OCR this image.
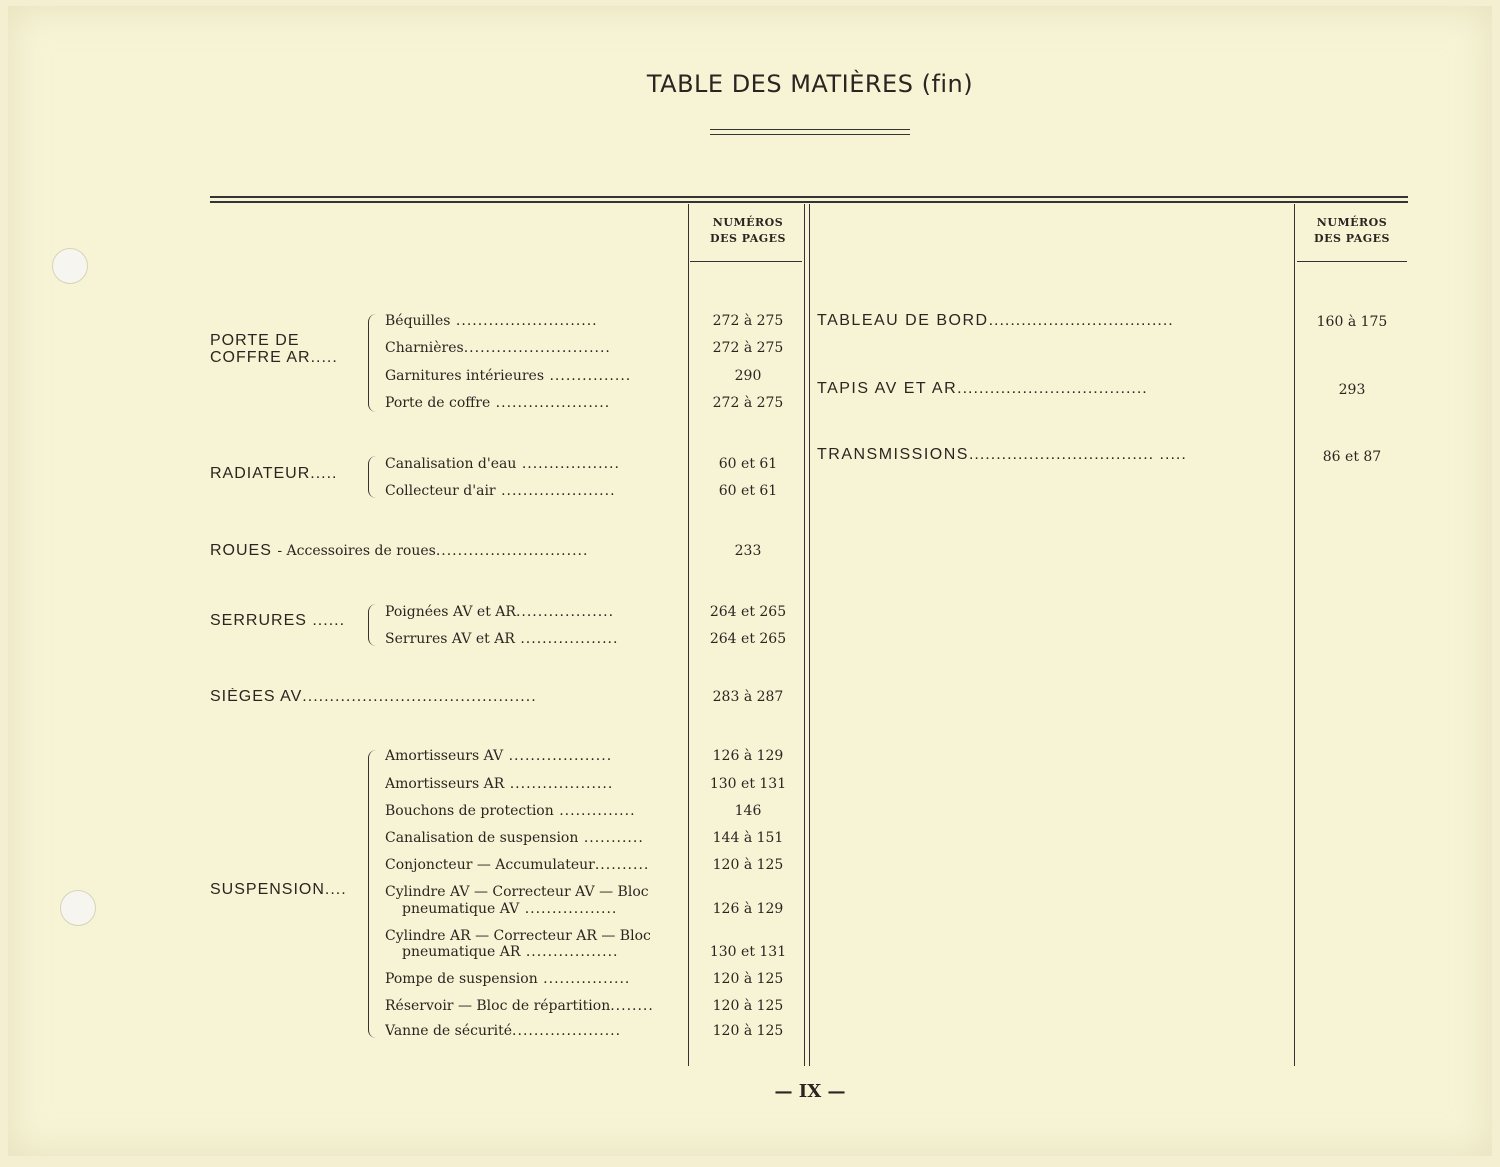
TABLE DES MATIÈRES (fin)
NUMÉROS
DES PAGES
NUMÉROS
DES PAGES
PORTE DE COFFRE AR.....
Béquilles ..........................	272 à 275
Charnières...........................	272 à 275
Garnitures intérieures ...............	290
Porte de coffre .....................	272 à 275
RADIATEUR.....
Canalisation d'eau ..................	60 et 61
Collecteur d'air .....................	60 et 61
ROUES - Accessoires de roues............................	233
SERRURES ......	Poignées AV et AR..................	264 et 265
Serrures AV et AR ..................	264 et 265
SIÈGES AV...........................................	283 à 287
SUSPENSION....
Amortisseurs AV ...................	126 à 129
Amortisseurs AR ...................	130 et 131
Bouchons de protection ..............	146
Canalisation de suspension ...........	144 à 151
Conjoncteur — Accumulateur..........	120 à 125
Cylindre AV — Correcteur AV — Bloc
pneumatique AV .................	126 à 129
Cylindre AR — Correcteur AR — Bloc
pneumatique AR .................	130 et 131
Pompe de suspension ................	120 à 125
Réservoir — Bloc de répartition........	120 à 125
Vanne de sécurité....................	120 à 125
TABLEAU DE BORD..................................	160 à 175
TAPIS AV ET AR...................................	293
TRANSMISSIONS.................................. .....	86 et 87
— IX —
